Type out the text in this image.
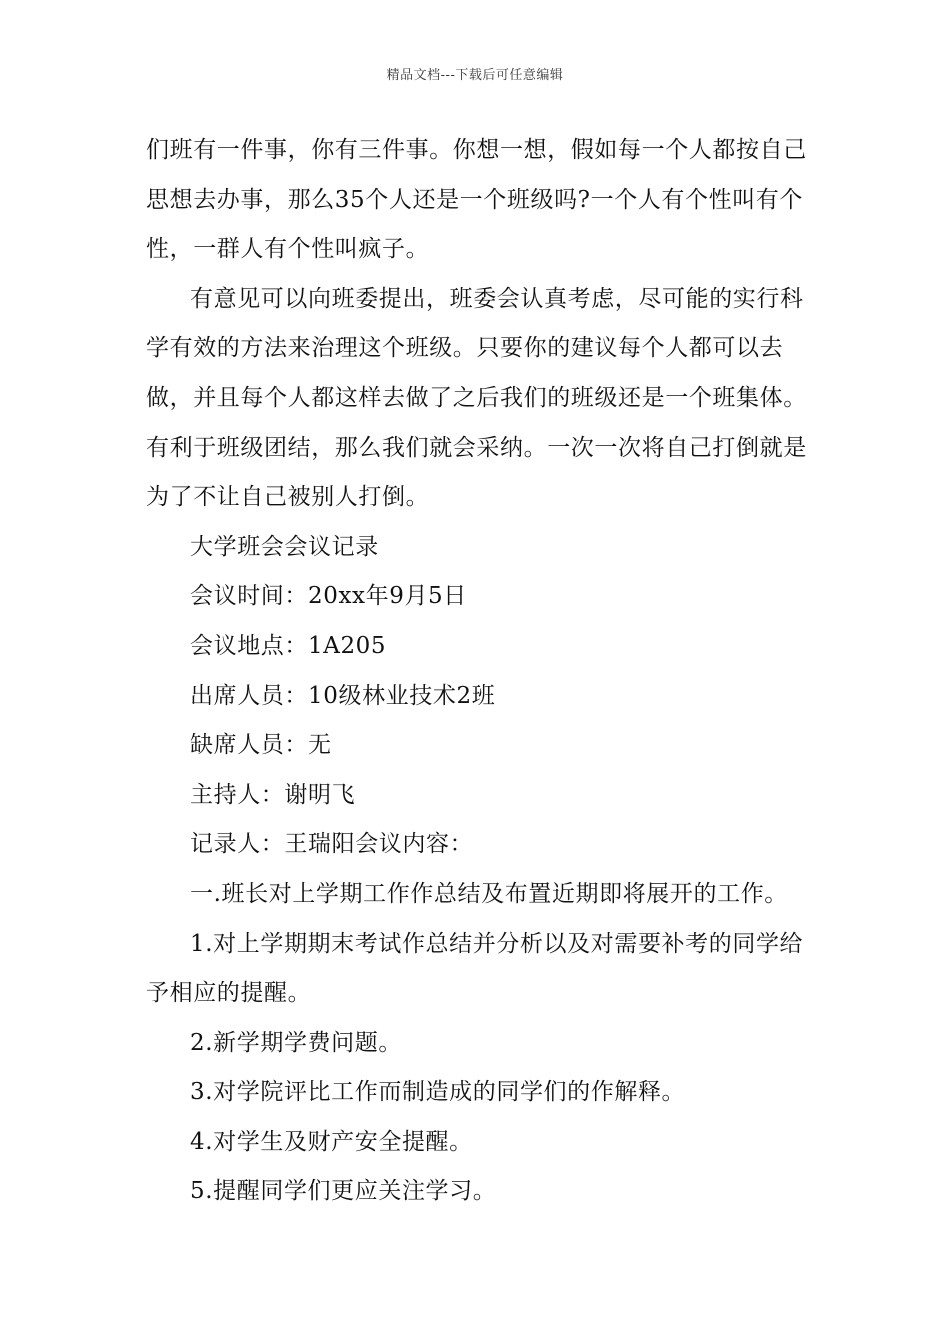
精品文档---下载后可任意编辑

们班有一件事，你有三件事。你想一想，假如每一个人都按自己思想去办事，那么35个人还是一个班级吗?一个人有个性叫有个性，一群人有个性叫疯子。

有意见可以向班委提出，班委会认真考虑，尽可能的实行科学有效的方法来治理这个班级。只要你的建议每个人都可以去做，并且每个人都这样去做了之后我们的班级还是一个班集体。有利于班级团结，那么我们就会采纳。一次一次将自己打倒就是为了不让自己被别人打倒。

大学班会会议记录

会议时间：20xx年9月5日

会议地点：1A205

出席人员：10级林业技术2班

缺席人员：无

主持人：谢明飞

记录人：王瑞阳会议内容：

一.班长对上学期工作作总结及布置近期即将展开的工作。

1.对上学期期末考试作总结并分析以及对需要补考的同学给予相应的提醒。

2.新学期学费问题。

3.对学院评比工作而制造成的同学们的作解释。

4.对学生及财产安全提醒。

5.提醒同学们更应关注学习。
